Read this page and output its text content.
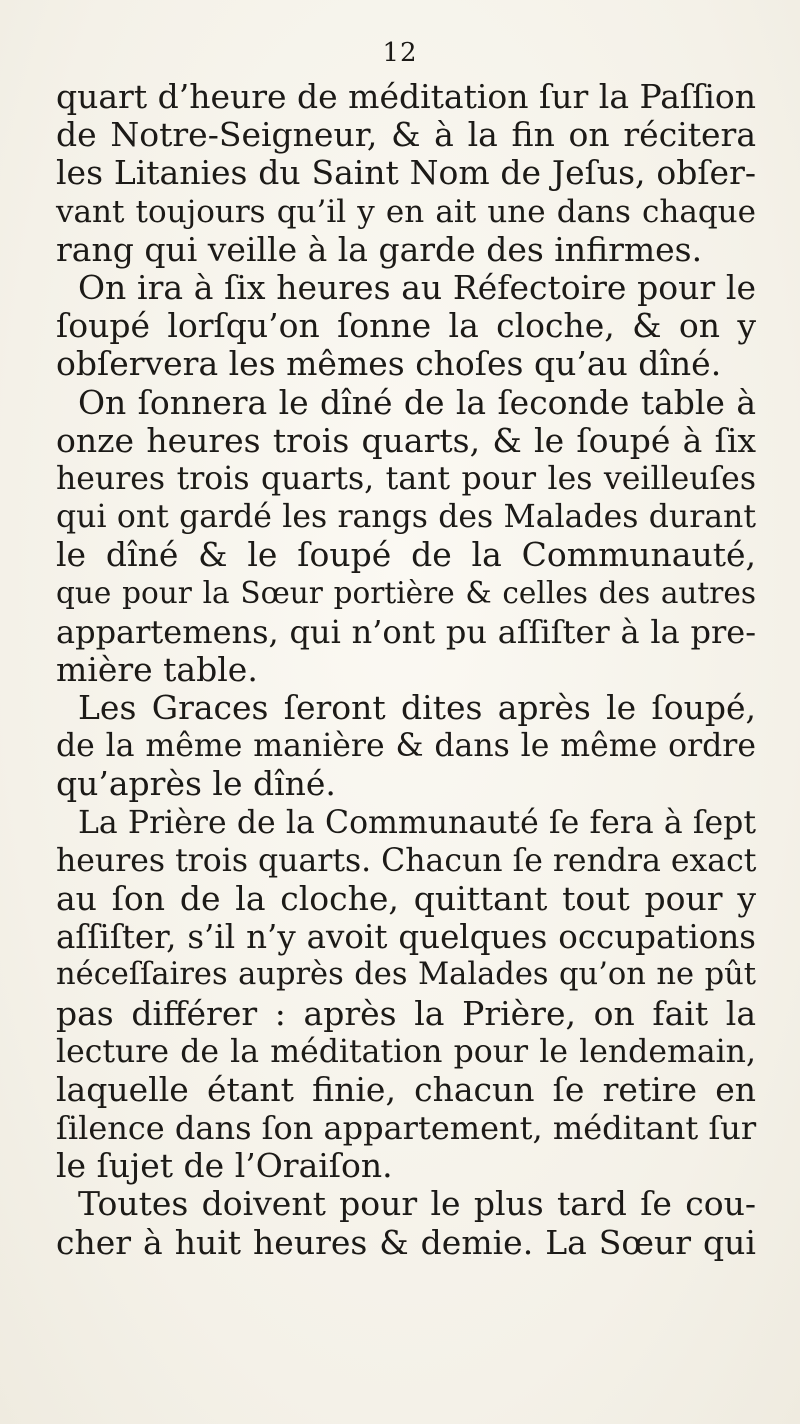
12
quart d’heure de méditation ſur la Paſſion
de Notre-Seigneur, & à la fin on récitera
les Litanies du Saint Nom de Jeſus, obſer-
vant toujours qu’il y en ait une dans chaque
rang qui veille à la garde des infirmes.
On ira à ſix heures au Réfectoire pour le
ſoupé lorſqu’on ſonne la cloche, & on y
obſervera les mêmes choſes qu’au dîné.
On ſonnera le dîné de la ſeconde table à
onze heures trois quarts, & le ſoupé à ſix
heures trois quarts, tant pour les veilleuſes
qui ont gardé les rangs des Malades durant
le dîné & le ſoupé de la Communauté,
que pour la Sœur portière & celles des autres
appartemens, qui n’ont pu aſſiſter à la pre-
mière table.
Les Graces ſeront dites après le ſoupé,
de la même manière & dans le même ordre
qu’après le dîné.
La Prière de la Communauté ſe fera à ſept
heures trois quarts. Chacun ſe rendra exact
au ſon de la cloche, quittant tout pour y
aſſiſter, s’il n’y avoit quelques occupations
néceſſaires auprès des Malades qu’on ne pût
pas différer : après la Prière, on fait la
lecture de la méditation pour le lendemain,
laquelle étant finie, chacun ſe retire en
ſilence dans ſon appartement, méditant ſur
le ſujet de l’Oraiſon.
Toutes doivent pour le plus tard ſe cou-
cher à huit heures & demie. La Sœur qui
